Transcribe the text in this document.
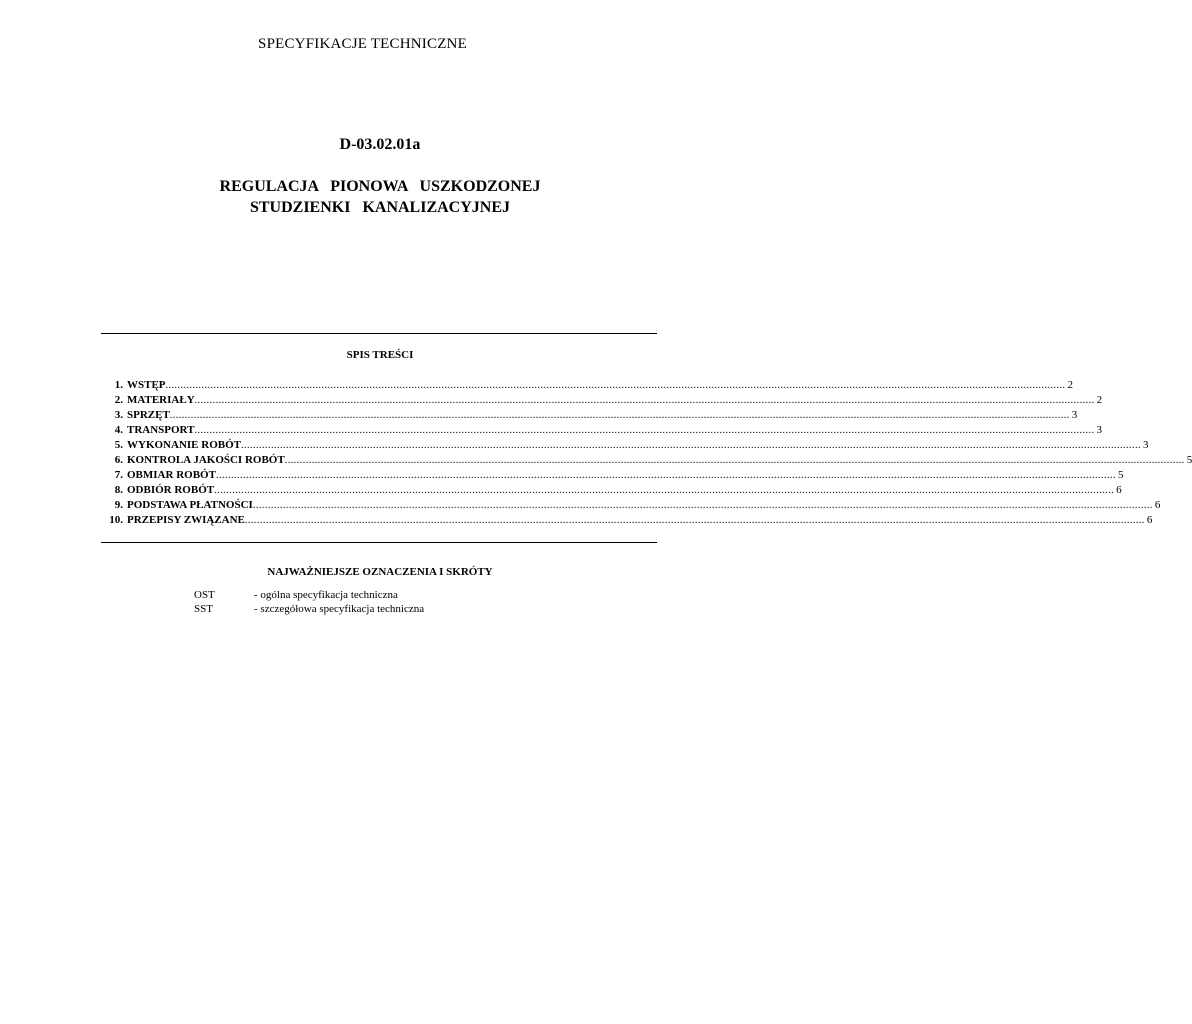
SPECYFIKACJE TECHNICZNE
D-03.02.01a
REGULACJA PIONOWA USZKODZONEJ
STUDZIENKI KANALIZACYJNEJ
SPIS TREŚCI
1. WSTĘP ............................................................................................................................................................................................................................................................................................................ 2
2. MATERIAŁY ............................................................................................................................................................................................................................................................................................................ 2
3. SPRZĘT ............................................................................................................................................................................................................................................................................................................ 3
4. TRANSPORT ............................................................................................................................................................................................................................................................................................................ 3
5. WYKONANIE ROBÓT ............................................................................................................................................................................................................................................................................................................ 3
6. KONTROLA JAKOŚCI ROBÓT ............................................................................................................................................................................................................................................................................................................ 5
7. OBMIAR ROBÓT ............................................................................................................................................................................................................................................................................................................ 5
8. ODBIÓR ROBÓT ............................................................................................................................................................................................................................................................................................................ 6
9. PODSTAWA PŁATNOŚCI ............................................................................................................................................................................................................................................................................................................ 6
10. PRZEPISY ZWIĄZANE ............................................................................................................................................................................................................................................................................................................ 6
NAJWAŻNIEJSZE OZNACZENIA I SKRÓTY
OST	- ogólna specyfikacja techniczna
SST	- szczegółowa specyfikacja techniczna
